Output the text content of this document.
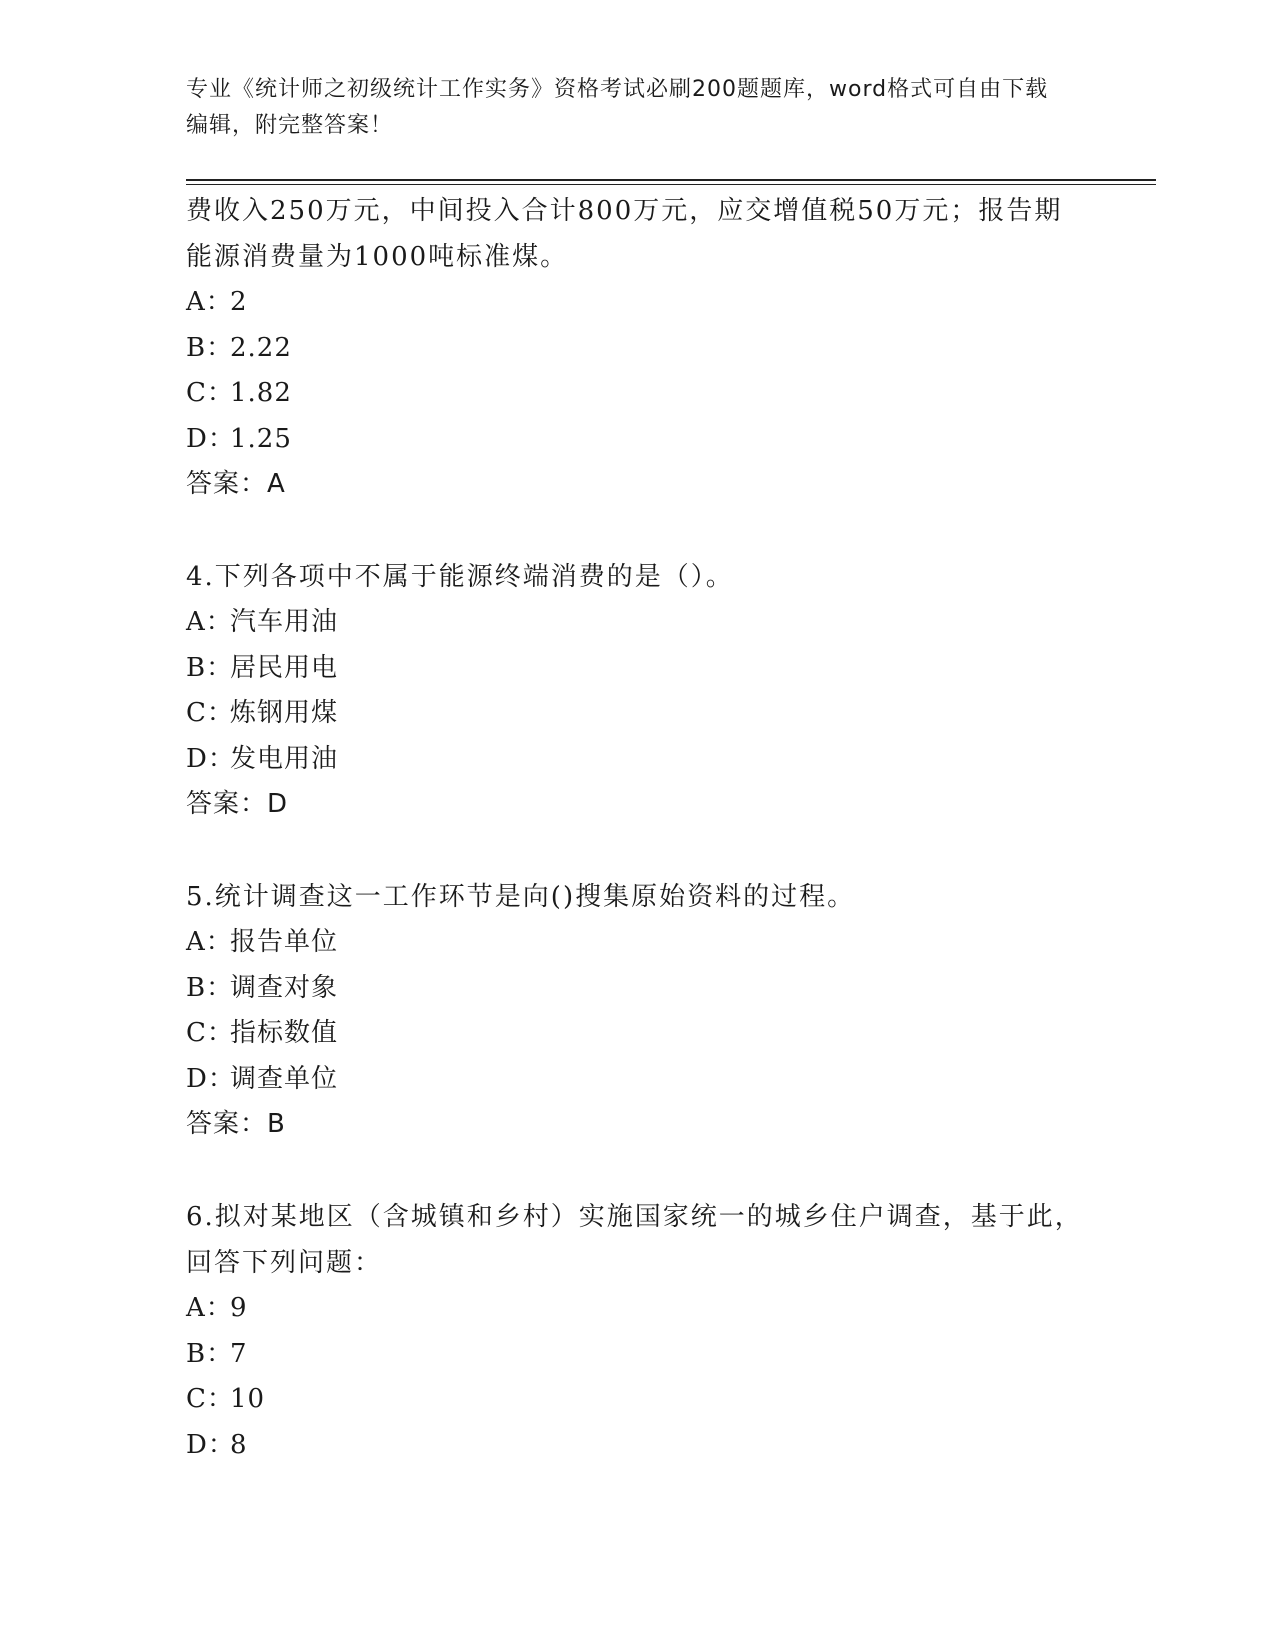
专业《统计师之初级统计工作实务》资格考试必刷200题题库，word格式可自由下载编辑，附完整答案！
费收入250万元，中间投入合计800万元，应交增值税50万元；报告期能源消费量为1000吨标准煤。
A：2
B：2.22
C：1.82
D：1.25
答案：A
4.下列各项中不属于能源终端消费的是（）。
A：汽车用油
B：居民用电
C：炼钢用煤
D：发电用油
答案：D
5.统计调查这一工作环节是向()搜集原始资料的过程。
A：报告单位
B：调查对象
C：指标数值
D：调查单位
答案：B
6.拟对某地区（含城镇和乡村）实施国家统一的城乡住户调查，基于此，回答下列问题：
A：9
B：7
C：10
D：8
